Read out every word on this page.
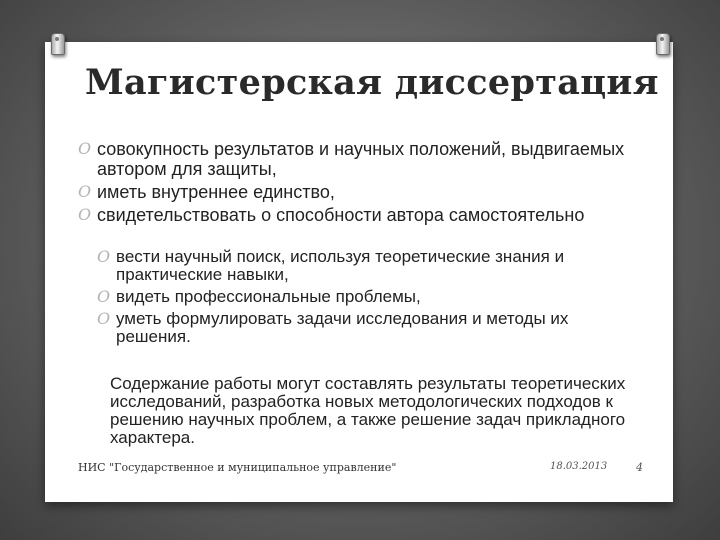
Магистерская диссертация
O совокупность результатов и научных положений, выдвигаемых автором для защиты,
O иметь внутреннее единство,
O свидетельствовать о способности автора самостоятельно
O вести научный поиск, используя теоретические знания и практические навыки,
O видеть профессиональные проблемы,
O уметь формулировать задачи исследования и методы их решения.

Содержание работы могут составлять результаты теоретических исследований, разработка новых методологических подходов к решению научных проблем, а также решение задач прикладного характера.

НИС "Государственное и муниципальное управление"	18.03.2013	4
